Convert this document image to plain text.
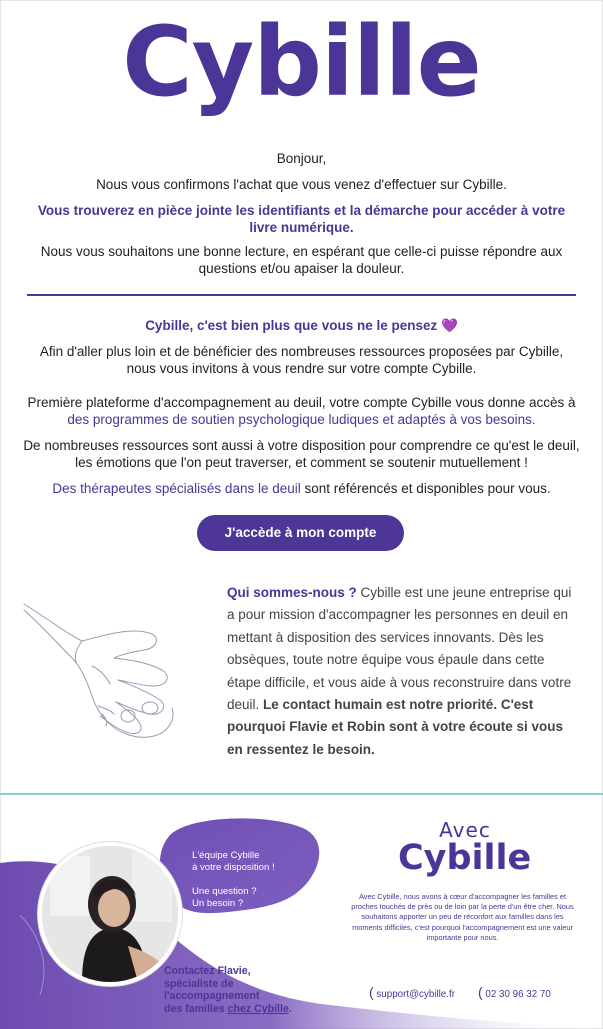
Cybille
Bonjour,
Nous vous confirmons l'achat que vous venez d'effectuer sur Cybille.
Vous trouverez en pièce jointe les identifiants et la démarche pour accéder à votre livre numérique.
Nous vous souhaitons une bonne lecture, en espérant que celle-ci puisse répondre aux questions et/ou apaiser la douleur.
Cybille, c'est bien plus que vous ne le pensez 💜
Afin d'aller plus loin et de bénéficier des nombreuses ressources proposées par Cybille, nous vous invitons à vous rendre sur votre compte Cybille.
Première plateforme d'accompagnement au deuil, votre compte Cybille vous donne accès à des programmes de soutien psychologique ludiques et adaptés à vos besoins.
De nombreuses ressources sont aussi à votre disposition pour comprendre ce qu'est le deuil, les émotions que l'on peut traverser, et comment se soutenir mutuellement !
Des thérapeutes spécialisés dans le deuil sont référencés et disponibles pour vous.
J'accède à mon compte
Qui sommes-nous ? Cybille est une jeune entreprise qui a pour mission d'accompagner les personnes en deuil en mettant à disposition des services innovants. Dès les obsèques, toute notre équipe vous épaule dans cette étape difficile, et vous aide à vous reconstruire dans votre deuil. Le contact humain est notre priorité. C'est pourquoi Flavie et Robin sont à votre écoute si vous en ressentez le besoin.
L'équipe Cybille
à votre disposition !
Une question ?
Un besoin ?
Contactez Flavie,
spécialiste de
l'accompagnement
des familles chez Cybille.
Avec
Cybille
Avec Cybille, nous avons à cœur d'accompagner les familles et proches touchés de près ou de loin par la perte d'un être cher. Nous souhaitons apporter un peu de réconfort aux familles dans les moments difficiles, c'est pourquoi l'accompagnement est une valeur importante pour nous.
( support@cybille.fr ( 02 30 96 32 70
